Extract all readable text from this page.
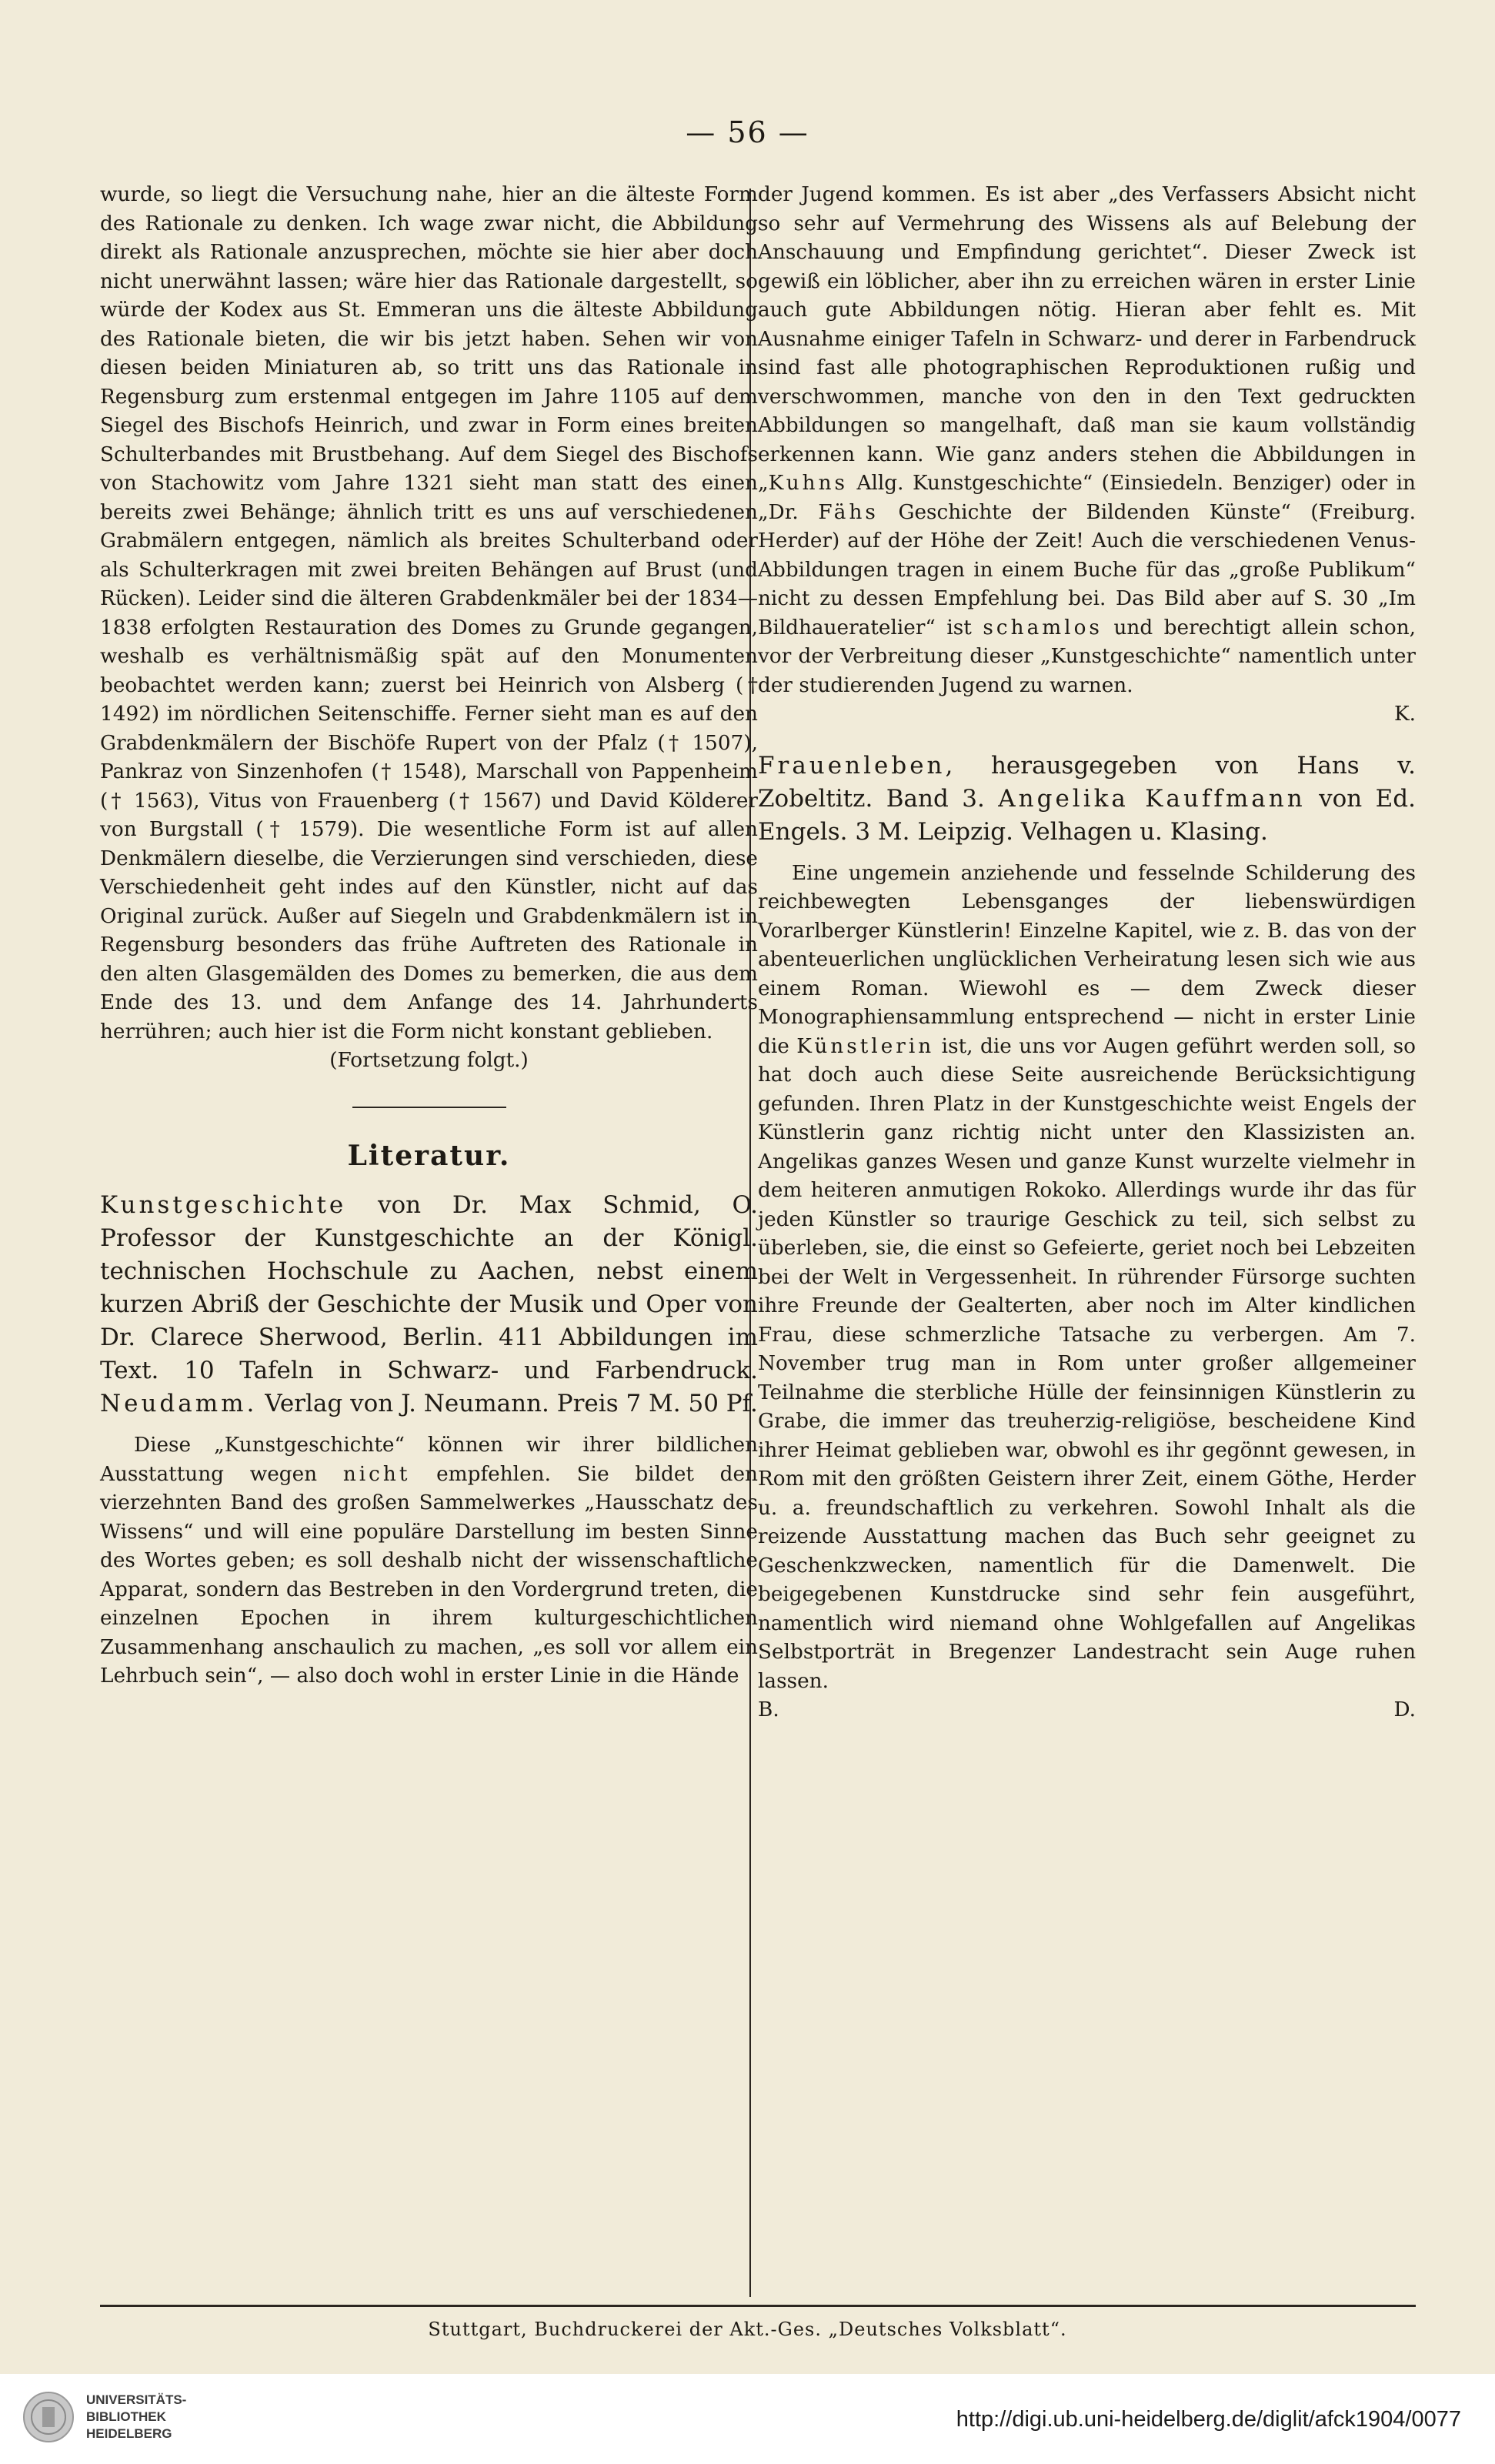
— 56 —

wurde, so liegt die Versuchung nahe, hier an die älteste Form des Rationale zu denken. Ich wage zwar nicht, die Abbildung direkt als Rationale anzusprechen, möchte sie hier aber doch nicht unerwähnt lassen; wäre hier das Rationale dargestellt, so würde der Kodex aus St. Emmeran uns die älteste Abbildung des Rationale bieten, die wir bis jetzt haben. Sehen wir von diesen beiden Miniaturen ab, so tritt uns das Rationale in Regensburg zum erstenmal entgegen im Jahre 1105 auf dem Siegel des Bischofs Heinrich, und zwar in Form eines breiten Schulterbandes mit Brustbehang. Auf dem Siegel des Bischofs von Stachowitz vom Jahre 1321 sieht man statt des einen bereits zwei Behänge; ähnlich tritt es uns auf verschiedenen Grabmälern entgegen, nämlich als breites Schulterband oder als Schulterkragen mit zwei breiten Behängen auf Brust (und Rücken). Leider sind die älteren Grabdenkmäler bei der 1834—1838 erfolgten Restauration des Domes zu Grunde gegangen, weshalb es verhältnismäßig spät auf den Monumenten beobachtet werden kann; zuerst bei Heinrich von Alsberg († 1492) im nördlichen Seitenschiffe. Ferner sieht man es auf den Grabdenkmälern der Bischöfe Rupert von der Pfalz († 1507), Pankraz von Sinzenhofen († 1548), Marschall von Pappenheim († 1563), Vitus von Frauenberg († 1567) und David Kölderer von Burgstall († 1579). Die wesentliche Form ist auf allen Denkmälern dieselbe, die Verzierungen sind verschieden, diese Verschiedenheit geht indes auf den Künstler, nicht auf das Original zurück. Außer auf Siegeln und Grabdenkmälern ist in Regensburg besonders das frühe Auftreten des Rationale in den alten Glasgemälden des Domes zu bemerken, die aus dem Ende des 13. und dem Anfange des 14. Jahrhunderts herrühren; auch hier ist die Form nicht konstant geblieben.

(Fortsetzung folgt.)

Literatur.
Kunstgeschichte von Dr. Max Schmid, O. Professor der Kunstgeschichte an der Königl. technischen Hochschule zu Aachen, nebst einem kurzen Abriß der Geschichte der Musik und Oper von Dr. Clarece Sherwood, Berlin. 411 Abbildungen im Text. 10 Tafeln in Schwarz- und Farbendruck. Neudamm. Verlag von J. Neumann. Preis 7 M. 50 Pf.

Diese „Kunstgeschichte“ können wir ihrer bildlichen Ausstattung wegen nicht empfehlen. Sie bildet den vierzehnten Band des großen Sammelwerkes „Hausschatz des Wissens“ und will eine populäre Darstellung im besten Sinne des Wortes geben; es soll deshalb nicht der wissenschaftliche Apparat, sondern das Bestreben in den Vordergrund treten, die einzelnen Epochen in ihrem kulturgeschichtlichen Zusammenhang anschaulich zu machen, „es soll vor allem ein Lehrbuch sein“, — also doch wohl in erster Linie in die Hände

der Jugend kommen. Es ist aber „des Verfassers Absicht nicht so sehr auf Vermehrung des Wissens als auf Belebung der Anschauung und Empfindung gerichtet“. Dieser Zweck ist gewiß ein löblicher, aber ihn zu erreichen wären in erster Linie auch gute Abbildungen nötig. Hieran aber fehlt es. Mit Ausnahme einiger Tafeln in Schwarz- und derer in Farbendruck sind fast alle photographischen Reproduktionen rußig und verschwommen, manche von den in den Text gedruckten Abbildungen so mangelhaft, daß man sie kaum vollständig erkennen kann. Wie ganz anders stehen die Abbildungen in „Kuhns Allg. Kunstgeschichte“ (Einsiedeln. Benziger) oder in „Dr. Fähs Geschichte der Bildenden Künste“ (Freiburg. Herder) auf der Höhe der Zeit! Auch die verschiedenen Venus-Abbildungen tragen in einem Buche für das „große Publikum“ nicht zu dessen Empfehlung bei. Das Bild aber auf S. 30 „Im Bildhaueratelier“ ist schamlos und berechtigt allein schon, vor der Verbreitung dieser „Kunstgeschichte“ namentlich unter der studierenden Jugend zu warnen.

K.

Frauenleben, herausgegeben von Hans v. Zobeltitz. Band 3. Angelika Kauffmann von Ed. Engels. 3 M. Leipzig. Velhagen u. Klasing.

Eine ungemein anziehende und fesselnde Schilderung des reichbewegten Lebensganges der liebenswürdigen Vorarlberger Künstlerin! Einzelne Kapitel, wie z. B. das von der abenteuerlichen unglücklichen Verheiratung lesen sich wie aus einem Roman. Wiewohl es — dem Zweck dieser Monographiensammlung entsprechend — nicht in erster Linie die Künstlerin ist, die uns vor Augen geführt werden soll, so hat doch auch diese Seite ausreichende Berücksichtigung gefunden. Ihren Platz in der Kunstgeschichte weist Engels der Künstlerin ganz richtig nicht unter den Klassizisten an. Angelikas ganzes Wesen und ganze Kunst wurzelte vielmehr in dem heiteren anmutigen Rokoko. Allerdings wurde ihr das für jeden Künstler so traurige Geschick zu teil, sich selbst zu überleben, sie, die einst so Gefeierte, geriet noch bei Lebzeiten bei der Welt in Vergessenheit. In rührender Fürsorge suchten ihre Freunde der Gealterten, aber noch im Alter kindlichen Frau, diese schmerzliche Tatsache zu verbergen. Am 7. November trug man in Rom unter großer allgemeiner Teilnahme die sterbliche Hülle der feinsinnigen Künstlerin zu Grabe, die immer das treuherzig-religiöse, bescheidene Kind ihrer Heimat geblieben war, obwohl es ihr gegönnt gewesen, in Rom mit den größten Geistern ihrer Zeit, einem Göthe, Herder u. a. freundschaftlich zu verkehren. Sowohl Inhalt als die reizende Ausstattung machen das Buch sehr geeignet zu Geschenkzwecken, namentlich für die Damenwelt. Die beigegebenen Kunstdrucke sind sehr fein ausgeführt, namentlich wird niemand ohne Wohlgefallen auf Angelikas Selbstporträt in Bregenzer Landestracht sein Auge ruhen lassen.

B.	D.

Stuttgart, Buchdruckerei der Akt.-Ges. „Deutsches Volksblatt“.
UNIVERSITÄTS-
BIBLIOTHEK
HEIDELBERG
http://digi.ub.uni-heidelberg.de/diglit/afck1904/0077
